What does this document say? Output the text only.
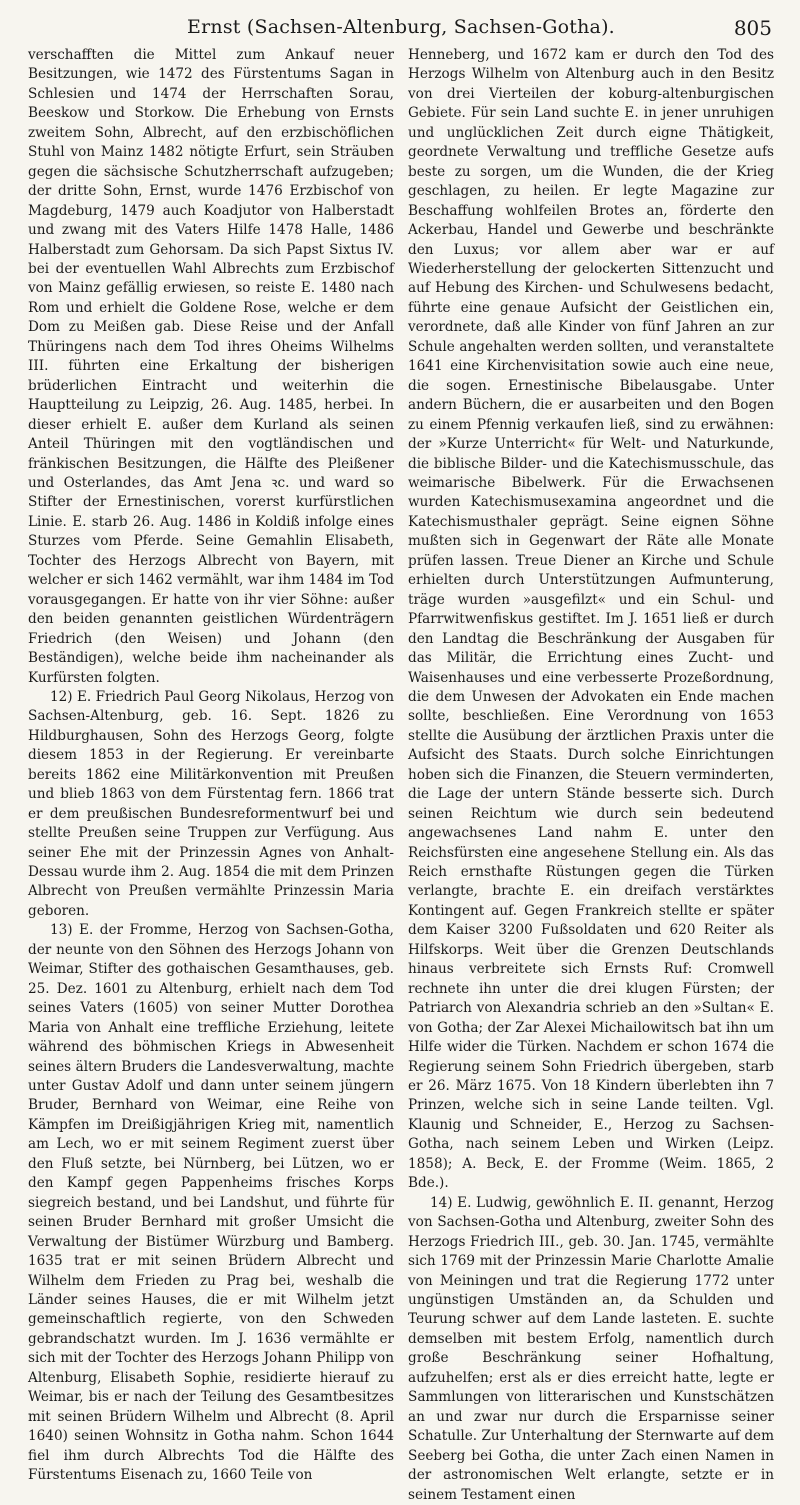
Ernst (Sachsen-Altenburg, Sachsen-Gotha).	805

verschafften die Mittel zum Ankauf neuer Besitzungen, wie 1472 des Fürstentums Sagan in Schlesien und 1474 der Herrschaften Sorau, Beeskow und Storkow. Die Erhebung von Ernsts zweitem Sohn, Albrecht, auf den erzbischöflichen Stuhl von Mainz 1482 nötigte Erfurt, sein Sträuben gegen die sächsische Schutzherrschaft aufzugeben; der dritte Sohn, Ernst, wurde 1476 Erzbischof von Magdeburg, 1479 auch Koadjutor von Halberstadt und zwang mit des Vaters Hilfe 1478 Halle, 1486 Halberstadt zum Gehorsam. Da sich Papst Sixtus IV. bei der eventuellen Wahl Albrechts zum Erzbischof von Mainz gefällig erwiesen, so reiste E. 1480 nach Rom und erhielt die Goldene Rose, welche er dem Dom zu Meißen gab. Diese Reise und der Anfall Thüringens nach dem Tod ihres Oheims Wilhelms III. führten eine Erkaltung der bisherigen brüderlichen Eintracht und weiterhin die Hauptteilung zu Leipzig, 26. Aug. 1485, herbei. In dieser erhielt E. außer dem Kurland als seinen Anteil Thüringen mit den vogtländischen und fränkischen Besitzungen, die Hälfte des Pleißener und Osterlandes, das Amt Jena ꝛc. und ward so Stifter der Ernestinischen, vorerst kurfürstlichen Linie. E. starb 26. Aug. 1486 in Koldiß infolge eines Sturzes vom Pferde. Seine Gemahlin Elisabeth, Tochter des Herzogs Albrecht von Bayern, mit welcher er sich 1462 vermählt, war ihm 1484 im Tod vorausgegangen. Er hatte von ihr vier Söhne: außer den beiden genannten geistlichen Würdenträgern Friedrich (den Weisen) und Johann (den Beständigen), welche beide ihm nacheinander als Kurfürsten folgten.

12) E. Friedrich Paul Georg Nikolaus, Herzog von Sachsen-Altenburg, geb. 16. Sept. 1826 zu Hildburghausen, Sohn des Herzogs Georg, folgte diesem 1853 in der Regierung. Er vereinbarte bereits 1862 eine Militärkonvention mit Preußen und blieb 1863 von dem Fürstentag fern. 1866 trat er dem preußischen Bundesreformentwurf bei und stellte Preußen seine Truppen zur Verfügung. Aus seiner Ehe mit der Prinzessin Agnes von Anhalt-Dessau wurde ihm 2. Aug. 1854 die mit dem Prinzen Albrecht von Preußen vermählte Prinzessin Maria geboren.

13) E. der Fromme, Herzog von Sachsen-Gotha, der neunte von den Söhnen des Herzogs Johann von Weimar, Stifter des gothaischen Gesamthauses, geb. 25. Dez. 1601 zu Altenburg, erhielt nach dem Tod seines Vaters (1605) von seiner Mutter Dorothea Maria von Anhalt eine treffliche Erziehung, leitete während des böhmischen Kriegs in Abwesenheit seines ältern Bruders die Landesverwaltung, machte unter Gustav Adolf und dann unter seinem jüngern Bruder, Bernhard von Weimar, eine Reihe von Kämpfen im Dreißigjährigen Krieg mit, namentlich am Lech, wo er mit seinem Regiment zuerst über den Fluß setzte, bei Nürnberg, bei Lützen, wo er den Kampf gegen Pappenheims frisches Korps siegreich bestand, und bei Landshut, und führte für seinen Bruder Bernhard mit großer Umsicht die Verwaltung der Bistümer Würzburg und Bamberg. 1635 trat er mit seinen Brüdern Albrecht und Wilhelm dem Frieden zu Prag bei, weshalb die Länder seines Hauses, die er mit Wilhelm jetzt gemeinschaftlich regierte, von den Schweden gebrandschatzt wurden. Im J. 1636 vermählte er sich mit der Tochter des Herzogs Johann Philipp von Altenburg, Elisabeth Sophie, residierte hierauf zu Weimar, bis er nach der Teilung des Gesamtbesitzes mit seinen Brüdern Wilhelm und Albrecht (8. April 1640) seinen Wohnsitz in Gotha nahm. Schon 1644 fiel ihm durch Albrechts Tod die Hälfte des Fürstentums Eisenach zu, 1660 Teile von

Henneberg, und 1672 kam er durch den Tod des Herzogs Wilhelm von Altenburg auch in den Besitz von drei Vierteilen der koburg-altenburgischen Gebiete. Für sein Land suchte E. in jener unruhigen und unglücklichen Zeit durch eigne Thätigkeit, geordnete Verwaltung und treffliche Gesetze aufs beste zu sorgen, um die Wunden, die der Krieg geschlagen, zu heilen. Er legte Magazine zur Beschaffung wohlfeilen Brotes an, förderte den Ackerbau, Handel und Gewerbe und beschränkte den Luxus; vor allem aber war er auf Wiederherstellung der gelockerten Sittenzucht und auf Hebung des Kirchen- und Schulwesens bedacht, führte eine genaue Aufsicht der Geistlichen ein, verordnete, daß alle Kinder von fünf Jahren an zur Schule angehalten werden sollten, und veranstaltete 1641 eine Kirchenvisitation sowie auch eine neue, die sogen. Ernestinische Bibelausgabe. Unter andern Büchern, die er ausarbeiten und den Bogen zu einem Pfennig verkaufen ließ, sind zu erwähnen: der »Kurze Unterricht« für Welt- und Naturkunde, die biblische Bilder- und die Katechismusschule, das weimarische Bibelwerk. Für die Erwachsenen wurden Katechismusexamina angeordnet und die Katechismusthaler geprägt. Seine eignen Söhne mußten sich in Gegenwart der Räte alle Monate prüfen lassen. Treue Diener an Kirche und Schule erhielten durch Unterstützungen Aufmunterung, träge wurden »ausgefilzt« und ein Schul- und Pfarrwitwenfiskus gestiftet. Im J. 1651 ließ er durch den Landtag die Beschränkung der Ausgaben für das Militär, die Errichtung eines Zucht- und Waisenhauses und eine verbesserte Prozeßordnung, die dem Unwesen der Advokaten ein Ende machen sollte, beschließen. Eine Verordnung von 1653 stellte die Ausübung der ärztlichen Praxis unter die Aufsicht des Staats. Durch solche Einrichtungen hoben sich die Finanzen, die Steuern verminderten, die Lage der untern Stände besserte sich. Durch seinen Reichtum wie durch sein bedeutend angewachsenes Land nahm E. unter den Reichsfürsten eine angesehene Stellung ein. Als das Reich ernsthafte Rüstungen gegen die Türken verlangte, brachte E. ein dreifach verstärktes Kontingent auf. Gegen Frankreich stellte er später dem Kaiser 3200 Fußsoldaten und 620 Reiter als Hilfskorps. Weit über die Grenzen Deutschlands hinaus verbreitete sich Ernsts Ruf: Cromwell rechnete ihn unter die drei klugen Fürsten; der Patriarch von Alexandria schrieb an den »Sultan« E. von Gotha; der Zar Alexei Michailowitsch bat ihn um Hilfe wider die Türken. Nachdem er schon 1674 die Regierung seinem Sohn Friedrich übergeben, starb er 26. März 1675. Von 18 Kindern überlebten ihn 7 Prinzen, welche sich in seine Lande teilten. Vgl. Klaunig und Schneider, E., Herzog zu Sachsen-Gotha, nach seinem Leben und Wirken (Leipz. 1858); A. Beck, E. der Fromme (Weim. 1865, 2 Bde.).

14) E. Ludwig, gewöhnlich E. II. genannt, Herzog von Sachsen-Gotha und Altenburg, zweiter Sohn des Herzogs Friedrich III., geb. 30. Jan. 1745, vermählte sich 1769 mit der Prinzessin Marie Charlotte Amalie von Meiningen und trat die Regierung 1772 unter ungünstigen Umständen an, da Schulden und Teurung schwer auf dem Lande lasteten. E. suchte demselben mit bestem Erfolg, namentlich durch große Beschränkung seiner Hofhaltung, aufzuhelfen; erst als er dies erreicht hatte, legte er Sammlungen von litterarischen und Kunstschätzen an und zwar nur durch die Ersparnisse seiner Schatulle. Zur Unterhaltung der Sternwarte auf dem Seeberg bei Gotha, die unter Zach einen Namen in der astronomischen Welt erlangte, setzte er in seinem Testament einen
